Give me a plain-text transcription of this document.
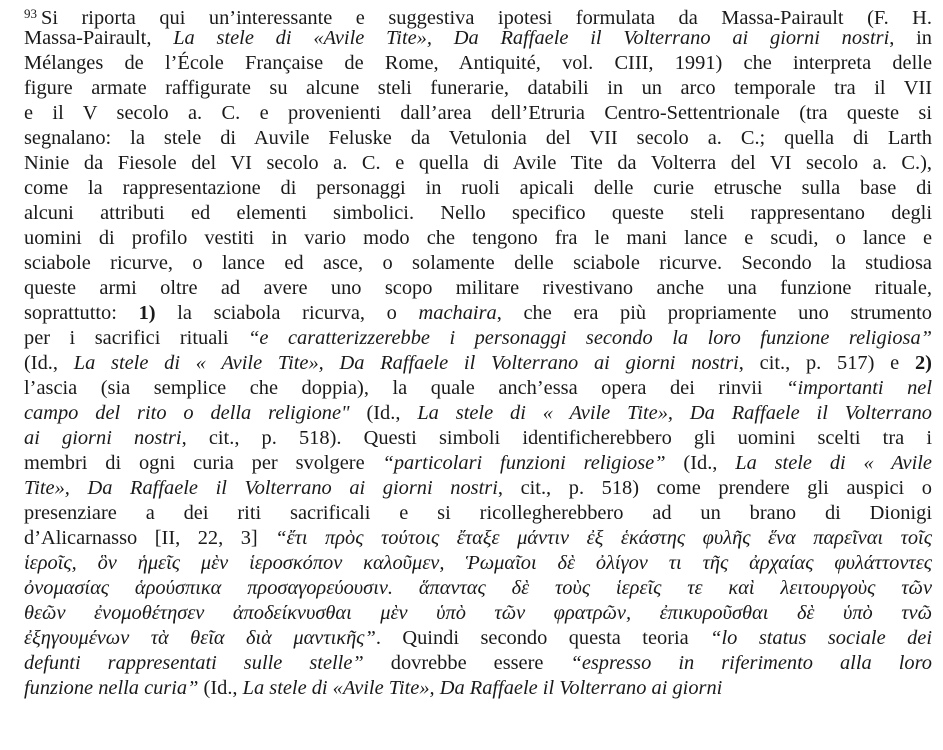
$^{93}$ Si riporta qui un’interessante e suggestiva ipotesi formulata da Massa-Pairault (F. H.
Massa-Pairault, La stele di «Avile Tite», Da Raffaele il Volterrano ai giorni nostri, in
Mélanges de l’École Française de Rome, Antiquité, vol. CIII, 1991) che interpreta delle
figure armate raffigurate su alcune steli funerarie, databili in un arco temporale tra il VII
e il V secolo a. C. e provenienti dall’area dell’Etruria Centro-Settentrionale (tra queste si
segnalano: la stele di Auvile Feluske da Vetulonia del VII secolo a. C.; quella di Larth
Ninie da Fiesole del VI secolo a. C. e quella di Avile Tite da Volterra del VI secolo a. C.),
come la rappresentazione di personaggi in ruoli apicali delle curie etrusche sulla base di
alcuni attributi ed elementi simbolici. Nello specifico queste steli rappresentano degli
uomini di profilo vestiti in vario modo che tengono fra le mani lance e scudi, o lance e
sciabole ricurve, o lance ed asce, o solamente delle sciabole ricurve. Secondo la studiosa
queste armi oltre ad avere uno scopo militare rivestivano anche una funzione rituale,
soprattutto: 1) la sciabola ricurva, o machaira, che era più propriamente uno strumento
per i sacrifici rituali “e caratterizzerebbe i personaggi secondo la loro funzione religiosa”
(Id., La stele di « Avile Tite», Da Raffaele il Volterrano ai giorni nostri, cit., p. 517) e 2)
l’ascia (sia semplice che doppia), la quale anch’essa opera dei rinvii “importanti nel
campo del rito o della religione" (Id., La stele di « Avile Tite», Da Raffaele il Volterrano
ai giorni nostri, cit., p. 518). Questi simboli identificherebbero gli uomini scelti tra i
membri di ogni curia per svolgere “particolari funzioni religiose” (Id., La stele di « Avile
Tite», Da Raffaele il Volterrano ai giorni nostri, cit., p. 518) come prendere gli auspici o
presenziare a dei riti sacrificali e si ricollegherebbero ad un brano di Dionigi
d’Alicarnasso [II, 22, 3] “ἔτι πρὸς τούτοις ἔταξε μάντιν ἐξ ἑκάστης φυλῆς ἕνα παρεῖναι τοῖς
ἱεροῖς, ὃν ἡμεῖς μὲν ἱεροσκόπον καλοῦμεν, Ῥωμαῖοι δὲ ὀλίγον τι τῆς ἀρχαίας φυλάττοντες
ὀνομασίας ἁρούσπικα προσαγορεύουσιν. ἅπαντας δὲ τοὺς ἱερεῖς τε καὶ λειτουργοὺς τῶν
θεῶν ἐνομοθέτησεν ἀποδείκνυσθαι μὲν ὑπὸ τῶν φρατρῶν, ἐπικυροῦσθαι δὲ ὑπὸ τνῶ
ἐξηγουμένων τὰ θεῖα διὰ μαντικῆς”. Quindi secondo questa teoria “lo status sociale dei
defunti rappresentati sulle stelle” dovrebbe essere “espresso in riferimento alla loro
funzione nella curia” (Id., La stele di «Avile Tite», Da Raffaele il Volterrano ai giorni
